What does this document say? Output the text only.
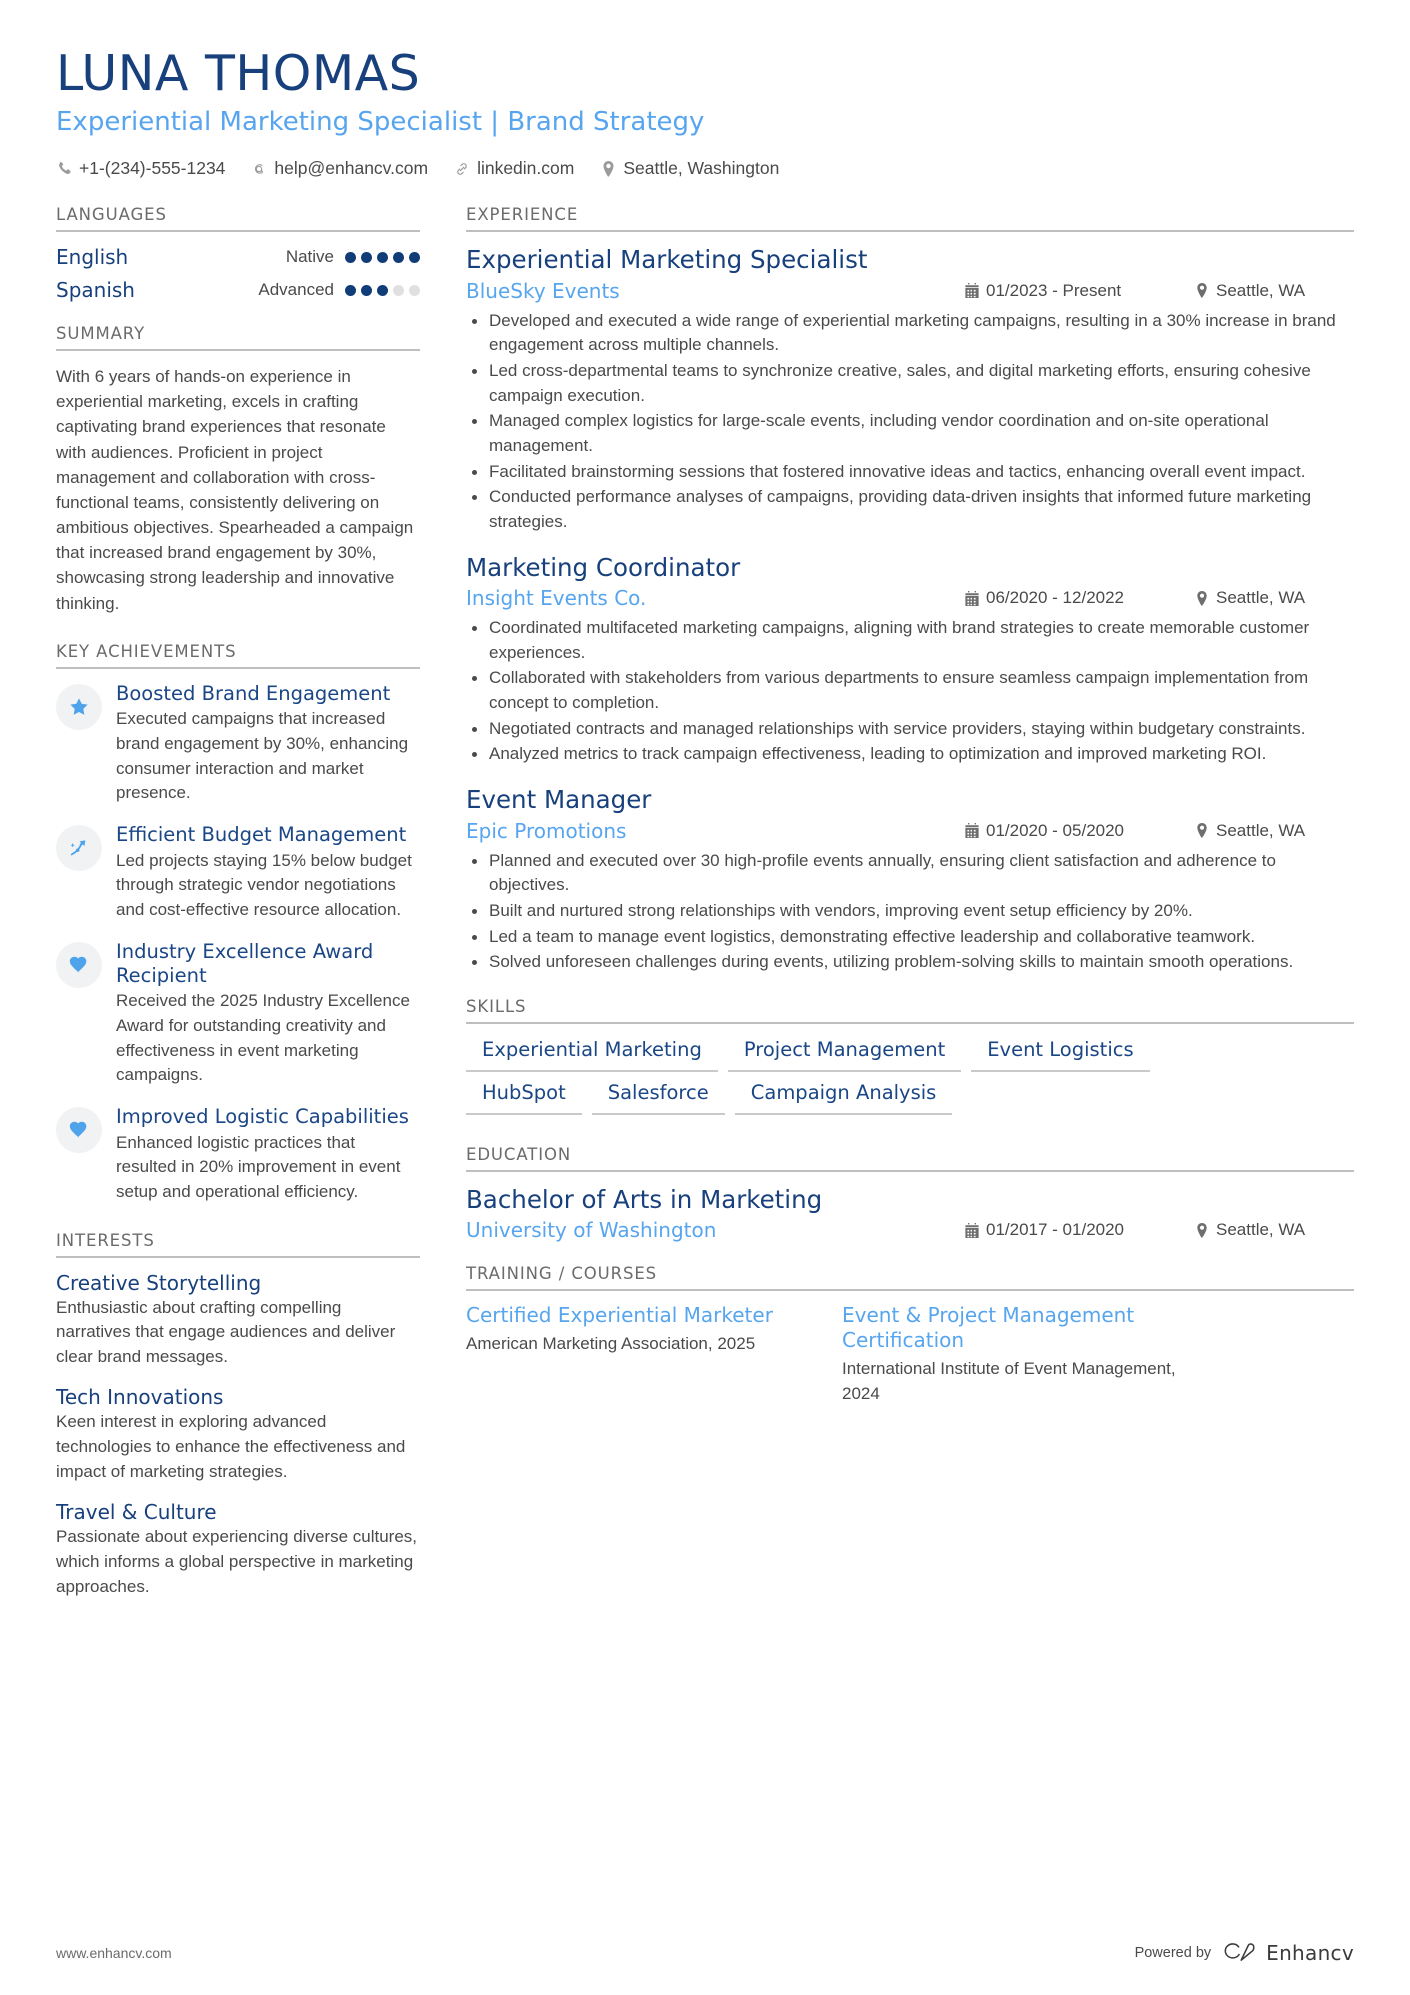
LUNA THOMAS
Experiential Marketing Specialist | Brand Strategy
+1-(234)-555-1234	help@enhancv.com	linkedin.com	Seattle, Washington
LANGUAGES
English	Native
Spanish	Advanced
SUMMARY
With 6 years of hands-on experience in experiential marketing, excels in crafting captivating brand experiences that resonate with audiences. Proficient in project management and collaboration with cross-functional teams, consistently delivering on ambitious objectives. Spearheaded a campaign that increased brand engagement by 30%, showcasing strong leadership and innovative thinking.
KEY ACHIEVEMENTS
Boosted Brand Engagement
Executed campaigns that increased brand engagement by 30%, enhancing consumer interaction and market presence.
Efficient Budget Management
Led projects staying 15% below budget through strategic vendor negotiations and cost-effective resource allocation.
Industry Excellence Award Recipient
Received the 2025 Industry Excellence Award for outstanding creativity and effectiveness in event marketing campaigns.
Improved Logistic Capabilities
Enhanced logistic practices that resulted in 20% improvement in event setup and operational efficiency.
INTERESTS
Creative Storytelling
Enthusiastic about crafting compelling narratives that engage audiences and deliver clear brand messages.
Tech Innovations
Keen interest in exploring advanced technologies to enhance the effectiveness and impact of marketing strategies.
Travel & Culture
Passionate about experiencing diverse cultures, which informs a global perspective in marketing approaches.
EXPERIENCE
Experiential Marketing Specialist
BlueSky Events	01/2023 - Present	Seattle, WA
Developed and executed a wide range of experiential marketing campaigns, resulting in a 30% increase in brand engagement across multiple channels.
Led cross-departmental teams to synchronize creative, sales, and digital marketing efforts, ensuring cohesive campaign execution.
Managed complex logistics for large-scale events, including vendor coordination and on-site operational management.
Facilitated brainstorming sessions that fostered innovative ideas and tactics, enhancing overall event impact.
Conducted performance analyses of campaigns, providing data-driven insights that informed future marketing strategies.
Marketing Coordinator
Insight Events Co.	06/2020 - 12/2022	Seattle, WA
Coordinated multifaceted marketing campaigns, aligning with brand strategies to create memorable customer experiences.
Collaborated with stakeholders from various departments to ensure seamless campaign implementation from concept to completion.
Negotiated contracts and managed relationships with service providers, staying within budgetary constraints.
Analyzed metrics to track campaign effectiveness, leading to optimization and improved marketing ROI.
Event Manager
Epic Promotions	01/2020 - 05/2020	Seattle, WA
Planned and executed over 30 high-profile events annually, ensuring client satisfaction and adherence to objectives.
Built and nurtured strong relationships with vendors, improving event setup efficiency by 20%.
Led a team to manage event logistics, demonstrating effective leadership and collaborative teamwork.
Solved unforeseen challenges during events, utilizing problem-solving skills to maintain smooth operations.
SKILLS
Experiential Marketing	Project Management	Event Logistics
HubSpot	Salesforce	Campaign Analysis
EDUCATION
Bachelor of Arts in Marketing
University of Washington	01/2017 - 01/2020	Seattle, WA
TRAINING / COURSES
Certified Experiential Marketer
American Marketing Association, 2025
Event & Project Management Certification
International Institute of Event Management, 2024
www.enhancv.com	Powered by	Enhancv
